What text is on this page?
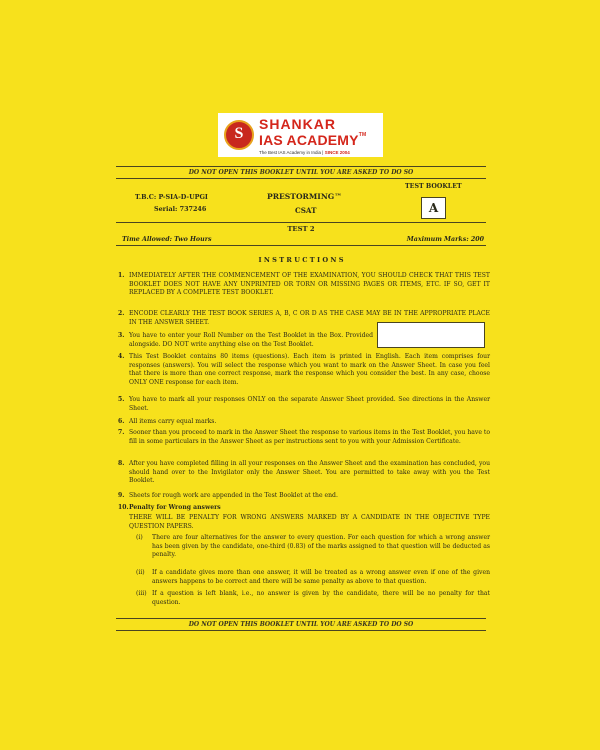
S
SHANKAR
IAS ACADEMY™
The Best IAS Academy in India | SINCE 2004
DO NOT OPEN THIS BOOKLET UNTIL YOU ARE ASKED TO DO SO
T.B.C: P-SIA-D-UPGI
Serial: 737246
PRESTORMING™
CSAT
TEST BOOKLET
A
TEST 2
Time Allowed: Two Hours	Maximum Marks: 200
I N S T R U C T I O N S
1. IMMEDIATELY AFTER THE COMMENCEMENT OF THE EXAMINATION, YOU SHOULD CHECK THAT THIS TEST BOOKLET DOES NOT HAVE ANY UNPRINTED OR TORN OR MISSING PAGES OR ITEMS, ETC. IF SO, GET IT REPLACED BY A COMPLETE TEST BOOKLET.
2. ENCODE CLEARLY THE TEST BOOK SERIES A, B, C OR D AS THE CASE MAY BE IN THE APPROPRIATE PLACE IN THE ANSWER SHEET.
3. You have to enter your Roll Number on the Test Booklet in the Box. Provided alongside. DO NOT write anything else on the Test Booklet.
4. This Test Booklet contains 80 items (questions). Each item is printed in English. Each item comprises four responses (answers). You will select the response which you want to mark on the Answer Sheet. In case you feel that there is more than one correct response, mark the response which you consider the best. In any case, choose ONLY ONE response for each item.
5. You have to mark all your responses ONLY on the separate Answer Sheet provided. See directions in the Answer Sheet.
6. All items carry equal marks.
7. Sooner than you proceed to mark in the Answer Sheet the response to various items in the Test Booklet, you have to fill in some particulars in the Answer Sheet as per instructions sent to you with your Admission Certificate.
8. After you have completed filling in all your responses on the Answer Sheet and the examination has concluded, you should hand over to the Invigilator only the Answer Sheet. You are permitted to take away with you the Test Booklet.
9. Sheets for rough work are appended in the Test Booklet at the end.
10. Penalty for Wrong answers
THERE WILL BE PENALTY FOR WRONG ANSWERS MARKED BY A CANDIDATE IN THE OBJECTIVE TYPE QUESTION PAPERS.
(i) There are four alternatives for the answer to every question. For each question for which a wrong answer has been given by the candidate, one-third (0.83) of the marks assigned to that question will be deducted as penalty.
(ii) If a candidate gives more than one answer, it will be treated as a wrong answer even if one of the given answers happens to be correct and there will be same penalty as above to that question.
(iii) If a question is left blank, i.e., no answer is given by the candidate, there will be no penalty for that question.
DO NOT OPEN THIS BOOKLET UNTIL YOU ARE ASKED TO DO SO
